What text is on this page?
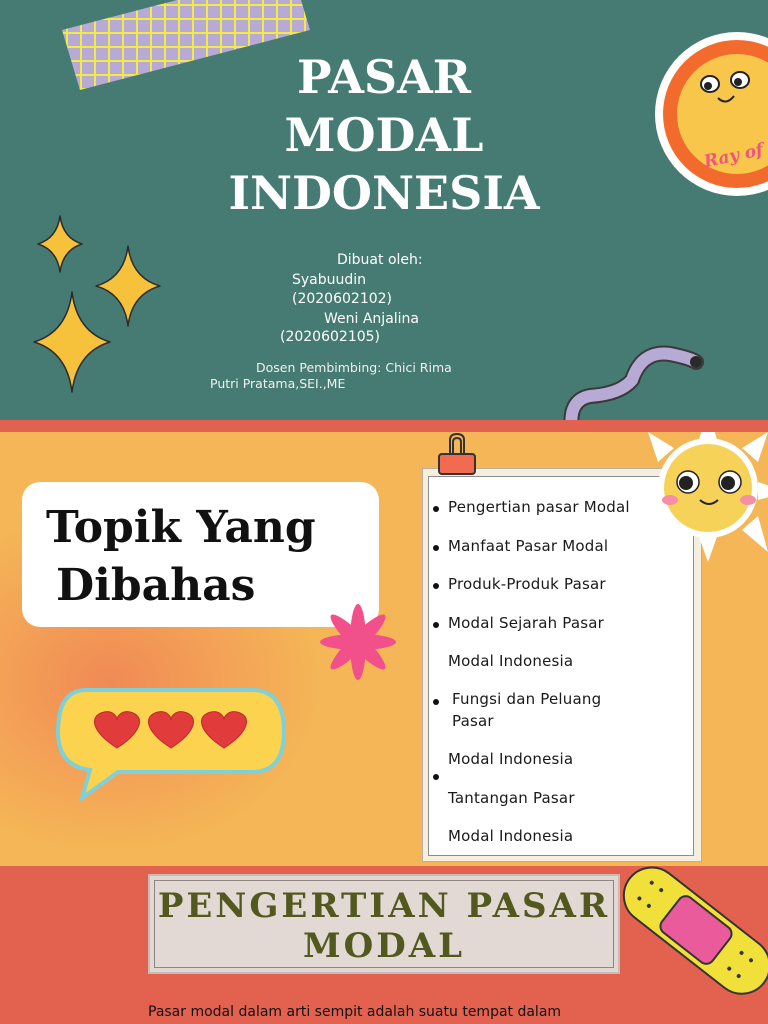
PASAR
MODAL
INDONESIA
Dibuat oleh:
Syabuudin
(2020602102)
Weni Anjalina
(2020602105)
Dosen Pembimbing: Chici Rima
Putri Pratama,SEI.,ME
Ray of
Topik Yang
Dibahas
Pengertian pasar Modal
Manfaat Pasar Modal
Produk-Produk Pasar
Modal Sejarah Pasar
Modal Indonesia
Fungsi dan Peluang
Pasar
Modal Indonesia
Tantangan Pasar
Modal Indonesia
PENGERTIAN PASAR
MODAL
Pasar modal dalam arti sempit adalah suatu tempat dalam
